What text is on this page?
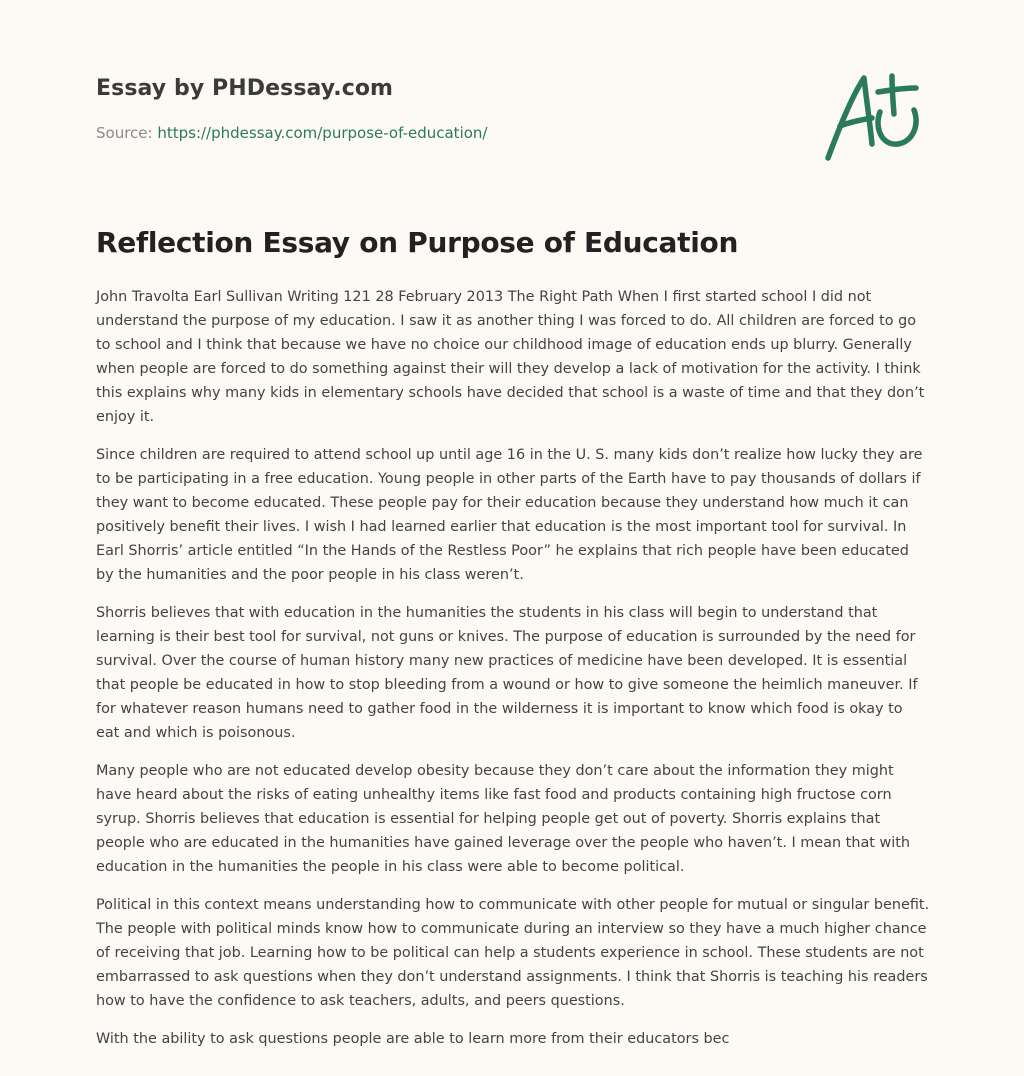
Essay by PHDessay.com
Source: https://phdessay.com/purpose-of-education/
Reflection Essay on Purpose of Education

John Travolta Earl Sullivan Writing 121 28 February 2013 The Right Path When I first started school I did not understand the purpose of my education. I saw it as another thing I was forced to do. All children are forced to go to school and I think that because we have no choice our childhood image of education ends up blurry. Generally when people are forced to do something against their will they develop a lack of motivation for the activity. I think this explains why many kids in elementary schools have decided that school is a waste of time and that they don’t enjoy it.

Since children are required to attend school up until age 16 in the U. S. many kids don’t realize how lucky they are to be participating in a free education. Young people in other parts of the Earth have to pay thousands of dollars if they want to become educated. These people pay for their education because they understand how much it can positively benefit their lives. I wish I had learned earlier that education is the most important tool for survival. In Earl Shorris’ article entitled “In the Hands of the Restless Poor” he explains that rich people have been educated by the humanities and the poor people in his class weren’t.

Shorris believes that with education in the humanities the students in his class will begin to understand that learning is their best tool for survival, not guns or knives. The purpose of education is surrounded by the need for survival. Over the course of human history many new practices of medicine have been developed. It is essential that people be educated in how to stop bleeding from a wound or how to give someone the heimlich maneuver. If for whatever reason humans need to gather food in the wilderness it is important to know which food is okay to eat and which is poisonous.

Many people who are not educated develop obesity because they don’t care about the information they might have heard about the risks of eating unhealthy items like fast food and products containing high fructose corn syrup. Shorris believes that education is essential for helping people get out of poverty. Shorris explains that people who are educated in the humanities have gained leverage over the people who haven’t. I mean that with education in the humanities the people in his class were able to become political.

Political in this context means understanding how to communicate with other people for mutual or singular benefit. The people with political minds know how to communicate during an interview so they have a much higher chance of receiving that job. Learning how to be political can help a students experience in school. These students are not embarrassed to ask questions when they don’t understand assignments. I think that Shorris is teaching his readers how to have the confidence to ask teachers, adults, and peers questions.

With the ability to ask questions people are able to learn more from their educators bec
